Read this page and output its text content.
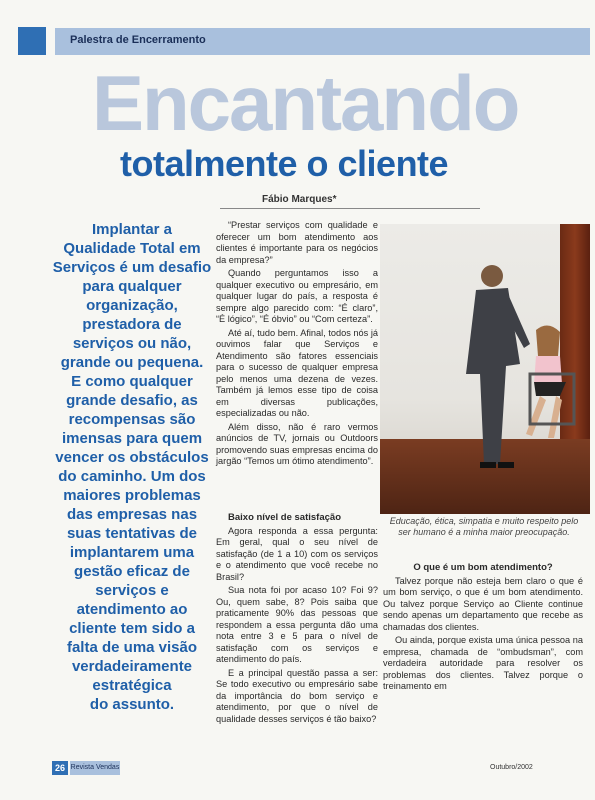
Palestra de Encerramento
Encantando
totalmente o cliente
Fábio Marques*
Implantar a
Qualidade Total em
Serviços é um desafio
para qualquer
organização,
prestadora de
serviços ou não,
grande ou pequena.
E como qualquer
grande desafio, as
recompensas são
imensas para quem
vencer os obstáculos
do caminho. Um dos
maiores problemas
das empresas nas
suas tentativas de
implantarem uma
gestão eficaz de
serviços e
atendimento ao
cliente tem sido a
falta de uma visão
verdadeiramente
estratégica
do assunto.

“Prestar serviços com qualidade e oferecer um bom atendimento aos clientes é importante para os negócios da empresa?”

Quando perguntamos isso a qualquer executivo ou empresário, em qualquer lugar do país, a resposta é sempre algo parecido com: “É claro”, “É lógico”, “É óbvio” ou “Com certeza”.

Até aí, tudo bem. Afinal, todos nós já ouvimos falar que Serviços e Atendimento são fatores essenciais para o sucesso de qualquer empresa pelo menos uma dezena de vezes. Também já lemos esse tipo de coisa em diversas publicações, especializadas ou não.

Além disso, não é raro vermos anúncios de TV, jornais ou Outdoors promovendo suas empresas encima do jargão “Temos um ótimo atendimento”.

Baixo nível de satisfação

Agora responda a essa pergunta: Em geral, qual o seu nível de satisfação (de 1 a 10) com os serviços e o atendimento que você recebe no Brasil?

Sua nota foi por acaso 10? Foi 9? Ou, quem sabe, 8? Pois saiba que praticamente 90% das pessoas que respondem a essa pergunta dão uma nota entre 3 e 5 para o nível de satisfação com os serviços e atendimento do país.

E a principal questão passa a ser: Se todo executivo ou empresário sabe da importância do bom serviço e atendimento, por que o nível de qualidade desses serviços é tão baixo?

Educação, ética, simpatia e muito respeito pelo ser humano é a minha maior preocupação.
O que é um bom atendimento?

Talvez porque não esteja bem claro o que é um bom serviço, o que é um bom atendimento. Ou talvez porque Serviço ao Cliente continue sendo apenas um departamento que recebe as chamadas dos clientes.

Ou ainda, porque exista uma única pessoa na empresa, chamada de “ombudsman”, com verdadeira autoridade para resolver os problemas dos clientes. Talvez porque o treinamento em

26 Revista Vendas	Outubro/2002
